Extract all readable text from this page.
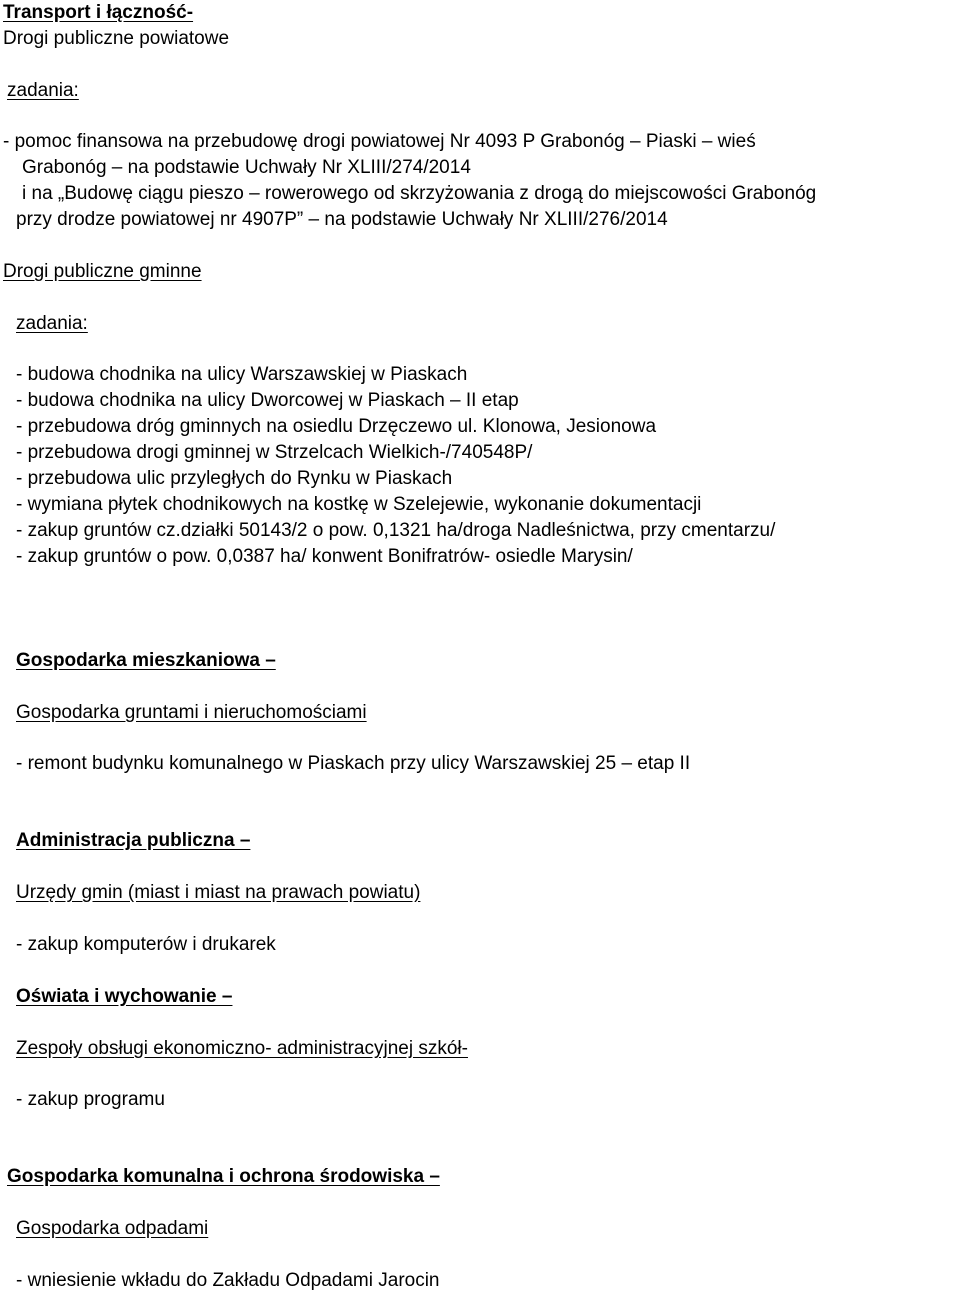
Transport i łączność-
Drogi publiczne powiatowe
zadania:
- pomoc finansowa na przebudowę drogi powiatowej Nr 4093 P Grabonóg – Piaski – wieś
Grabonóg – na podstawie Uchwały Nr XLIII/274/2014
i na „Budowę ciągu pieszo – rowerowego od skrzyżowania z drogą do miejscowości Grabonóg
przy drodze powiatowej nr 4907P” – na podstawie Uchwały Nr XLIII/276/2014
Drogi publiczne gminne
zadania:
- budowa chodnika na ulicy Warszawskiej w Piaskach
- budowa chodnika na ulicy Dworcowej w Piaskach – II etap
- przebudowa dróg gminnych na osiedlu Drzęczewo ul. Klonowa, Jesionowa
- przebudowa drogi gminnej w Strzelcach Wielkich-/740548P/
- przebudowa ulic przyległych do Rynku w Piaskach
- wymiana płytek chodnikowych na kostkę w Szelejewie, wykonanie dokumentacji
- zakup gruntów cz.działki 50143/2 o pow. 0,1321 ha/droga Nadleśnictwa, przy cmentarzu/
- zakup gruntów o pow. 0,0387 ha/ konwent Bonifratrów- osiedle Marysin/
Gospodarka mieszkaniowa –
Gospodarka gruntami i nieruchomościami
- remont budynku komunalnego w Piaskach przy ulicy Warszawskiej 25 – etap II
Administracja publiczna –
Urzędy gmin (miast i miast na prawach powiatu)
- zakup komputerów i drukarek
Oświata i wychowanie –
Zespoły obsługi ekonomiczno- administracyjnej szkół-
- zakup programu
Gospodarka komunalna i ochrona środowiska –
Gospodarka odpadami
- wniesienie wkładu do Zakładu Odpadami Jarocin
